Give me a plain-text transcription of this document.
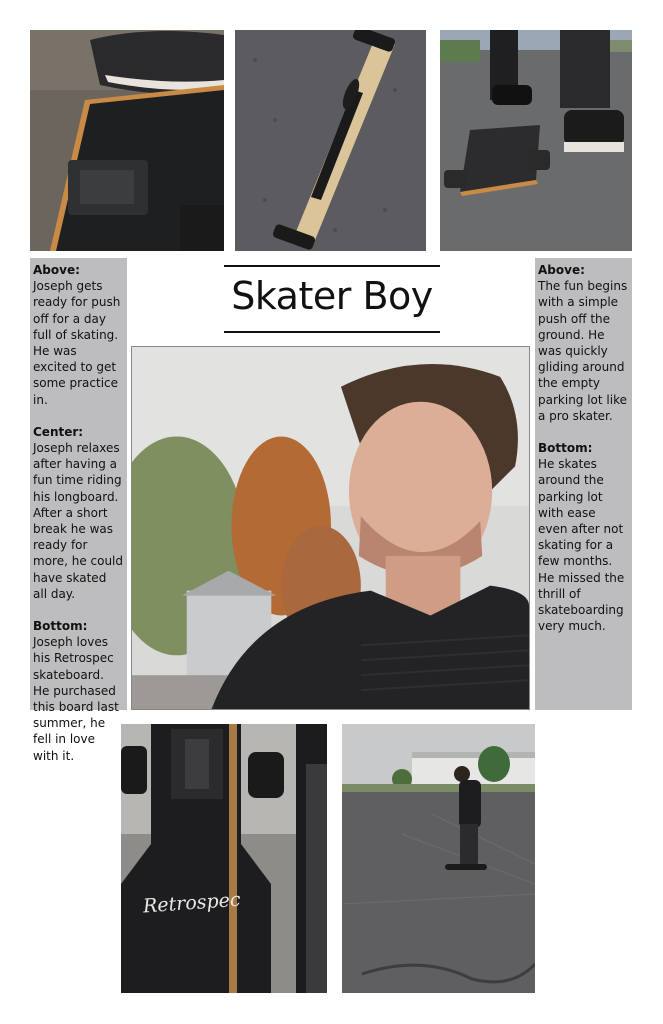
Above:
Joseph gets ready for push off for a day full of skating. He was excited to get some practice in.
Center:
Joseph relaxes after having a fun time riding his longboard. After a short break he was ready for more, he could have skated all day.
Bottom:
Joseph loves his Retrospec skateboard. He purchased this board last summer, he fell in love with it.
Skater Boy
Above:
The fun begins with a simple push off the ground. He was quickly gliding around the empty parking lot like a pro skater.
Bottom:
He skates around the parking lot with ease even after not skating for a few months. He missed the thrill of skateboarding very much.
Retrospec
